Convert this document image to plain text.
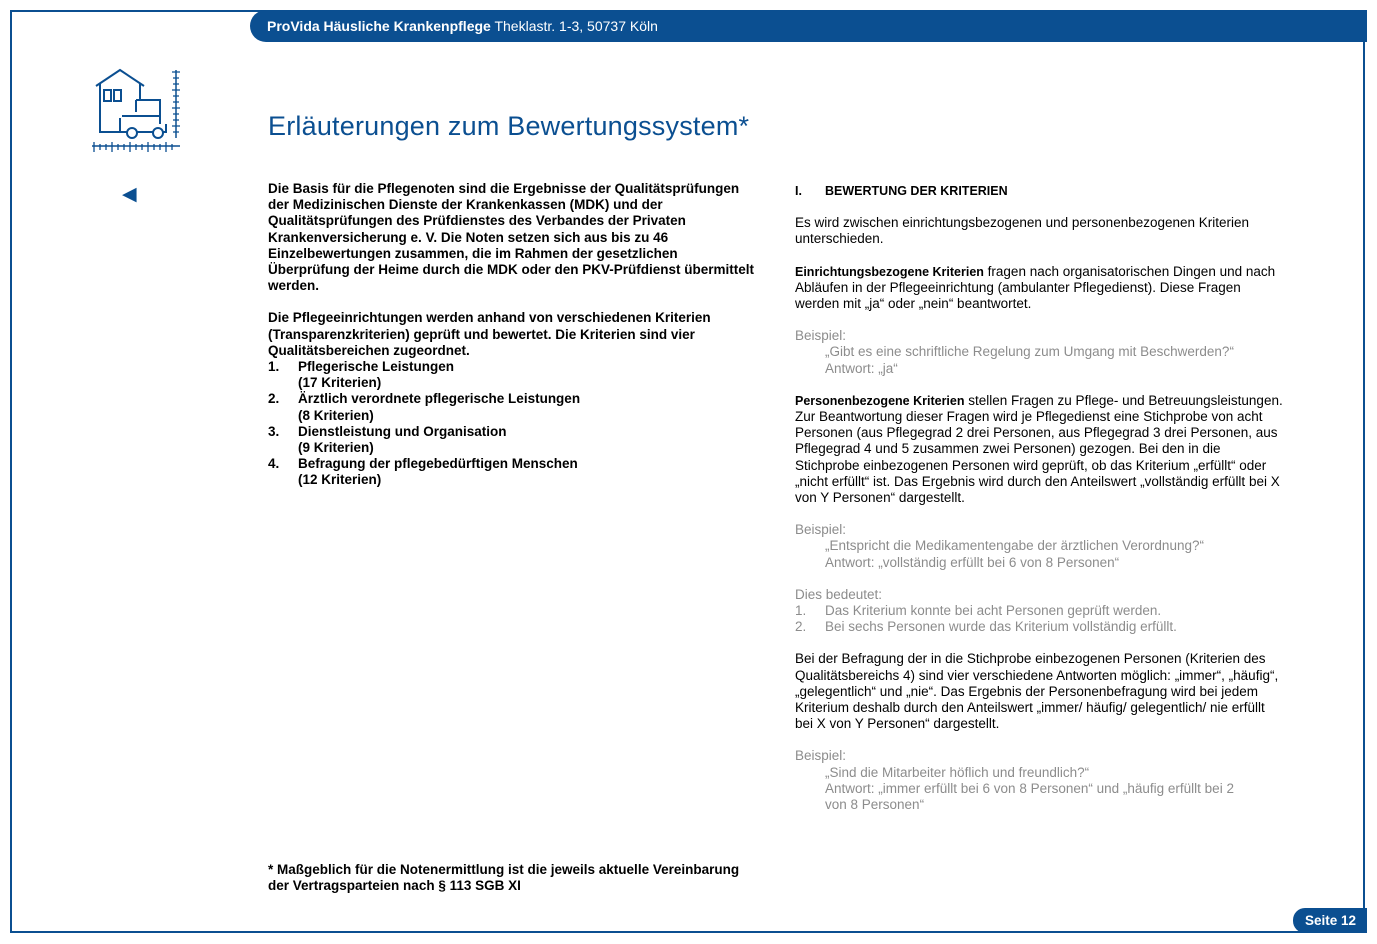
ProVida Häusliche Krankenpflege Theklastr. 1-3, 50737 Köln
◀
Erläuterungen zum Bewertungssystem*

Die Basis für die Pflegenoten sind die Ergebnisse der Qualitätsprüfungen der Medizinischen Dienste der Krankenkassen (MDK) und der Qualitätsprüfungen des Prüfdienstes des Verbandes der Privaten Krankenversicherung e. V. Die Noten setzen sich aus bis zu 46 Einzelbewertungen zusammen, die im Rahmen der gesetzlichen Überprüfung der Heime durch die MDK oder den PKV-Prüfdienst übermittelt werden.

Die Pflegeeinrichtungen werden anhand von verschiedenen Kriterien (Transparenzkriterien) geprüft und bewertet. Die Kriterien sind vier Qualitätsbereichen zugeordnet.

1. Pflegerische Leistungen
(17 Kriterien)
2. Ärztlich verordnete pflegerische Leistungen
(8 Kriterien)
3. Dienstleistung und Organisation
(9 Kriterien)
4. Befragung der pflegebedürftigen Menschen
(12 Kriterien)

I. BEWERTUNG DER KRITERIEN

Es wird zwischen einrichtungsbezogenen und personenbezogenen Kriterien unterschieden.

Einrichtungsbezogene Kriterien fragen nach organisatorischen Dingen und nach Abläufen in der Pflegeeinrichtung (ambulanter Pflegedienst). Diese Fragen werden mit „ja“ oder „nein“ beantwortet.

Beispiel:

„Gibt es eine schriftliche Regelung zum Umgang mit Beschwerden?“

Antwort: „ja“

Personenbezogene Kriterien stellen Fragen zu Pflege- und Betreuungsleistungen. Zur Beantwortung dieser Fragen wird je Pflegedienst eine Stichprobe von acht Personen (aus Pflegegrad 2 drei Personen, aus Pflegegrad 3 drei Personen, aus Pflegegrad 4 und 5 zusammen zwei Personen) gezogen. Bei den in die Stichprobe einbezogenen Personen wird geprüft, ob das Kriterium „erfüllt“ oder „nicht erfüllt“ ist. Das Ergebnis wird durch den Anteilswert „vollständig erfüllt bei X von Y Personen“ dargestellt.

Beispiel:

„Entspricht die Medikamentengabe der ärztlichen Verordnung?“

Antwort: „vollständig erfüllt bei 6 von 8 Personen“

Dies bedeutet:

1. Das Kriterium konnte bei acht Personen geprüft werden.
2. Bei sechs Personen wurde das Kriterium vollständig erfüllt.

Bei der Befragung der in die Stichprobe einbezogenen Personen (Kriterien des Qualitätsbereichs 4) sind vier verschiedene Antworten möglich: „immer“, „häufig“, „gelegentlich“ und „nie“. Das Ergebnis der Personenbefragung wird bei jedem Kriterium deshalb durch den Anteilswert „immer/ häufig/ gelegentlich/ nie erfüllt bei X von Y Personen“ dargestellt.

Beispiel:

„Sind die Mitarbeiter höflich und freundlich?“

Antwort: „immer erfüllt bei 6 von 8 Personen“ und „häufig erfüllt bei 2 von 8 Personen“

* Maßgeblich für die Notenermittlung ist die jeweils aktuelle Vereinbarung der Vertragsparteien nach § 113 SGB XI

Seite 12
